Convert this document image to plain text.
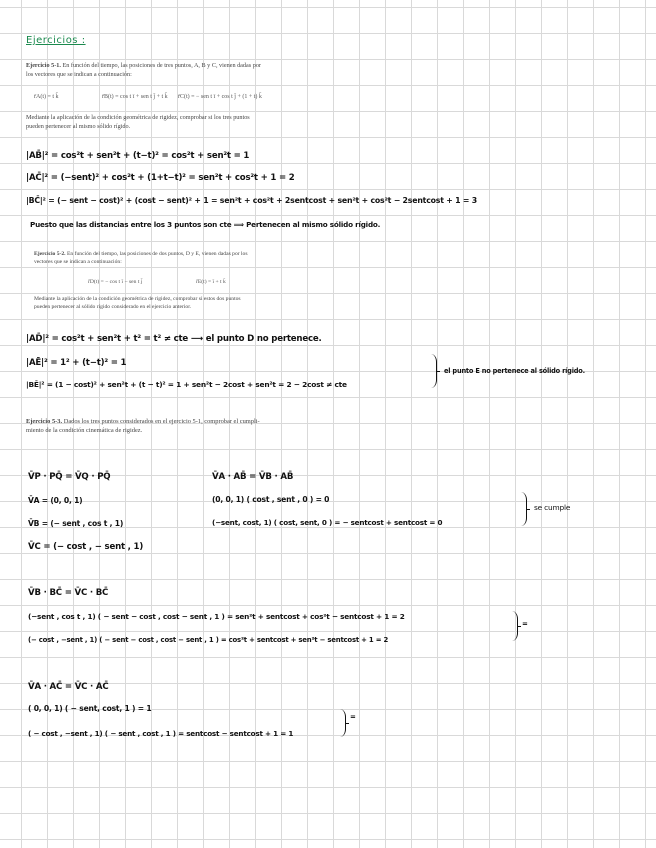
Ejercicios :
Ejercicio 5-1. En función del tiempo, las posiciones de tres puntos, A, B y C, vienen dadas por
los vectores que se indican a continuación:
r̄A(t) = t k̄	r̄B(t) = cos t ī + sen t j̄ + t k̄ r̄C(t) = − sen t ī + cos t j̄ + (1 + t) k̄
Mediante la aplicación de la condición geométrica de rigidez, comprobar si los tres puntos
pueden pertenecer al mismo sólido rígido.
|AB̄|² = cos²t + sen²t + (t−t)² = cos²t + sen²t = 1
|AC̄|² = (−sent)² + cos²t + (1+t−t)² = sen²t + cos²t + 1 = 2
|BC̄|² = (− sent − cost)² + (cost − sent)² + 1 = sen²t + cos²t + 2sentcost + sen²t + cos²t − 2sentcost + 1 = 3
Puesto que las distancias entre los 3 puntos son cte ⟹ Pertenecen al mismo sólido rígido.
Ejercicio 5-2. En función del tiempo, las posiciones de dos puntos, D y E, vienen dadas por los
vectores que se indican a continuación:
r̄D(t) = − cos t ī − sen t j̄	r̄E(t) = ī + t k̄
Mediante la aplicación de la condición geométrica de rigidez, comprobar si estos dos puntos
pueden pertenecer al sólido rígido considerado en el ejercicio anterior.
|AD̄|² = cos²t + sen²t + t² = t² ≠ cte ⟶ el punto D no pertenece.
|AĒ|² = 1² + (t−t)² = 1
|BĒ|² = (1 − cost)² + sen²t + (t − t)² = 1 + sen²t − 2cost + sen²t = 2 − 2cost ≠ cte
el punto E no pertenece al sólido rígido.
Ejercicio 5-3. Dados los tres puntos considerados en el ejercicio 5-1, comprobar el cumpli-
miento de la condición cinemática de rigidez.
V̄P · PQ̄ = V̄Q · PQ̄
V̄A = (0, 0, 1)
V̄B = (− sent , cos t , 1)
V̄C = (− cost , − sent , 1)
V̄A · AB̄ = V̄B · AB̄
(0, 0, 1) ( cost , sent , 0 ) = 0
(−sent, cost, 1) ( cost, sent, 0 ) = − sentcost + sentcost = 0
se cumple
V̄B · BC̄ = V̄C · BC̄
(−sent , cos t , 1) ( − sent − cost , cost − sent , 1 ) = sen²t + sentcost + cos²t − sentcost + 1 = 2
(− cost , −sent , 1) ( − sent − cost , cost − sent , 1 ) = cos²t + sentcost + sen²t − sentcost + 1 = 2
=
V̄A · AC̄ = V̄C · AC̄
( 0, 0, 1) ( − sent, cost, 1 ) = 1
( − cost , −sent , 1) ( − sent , cost , 1 ) = sentcost − sentcost + 1 = 1
=
